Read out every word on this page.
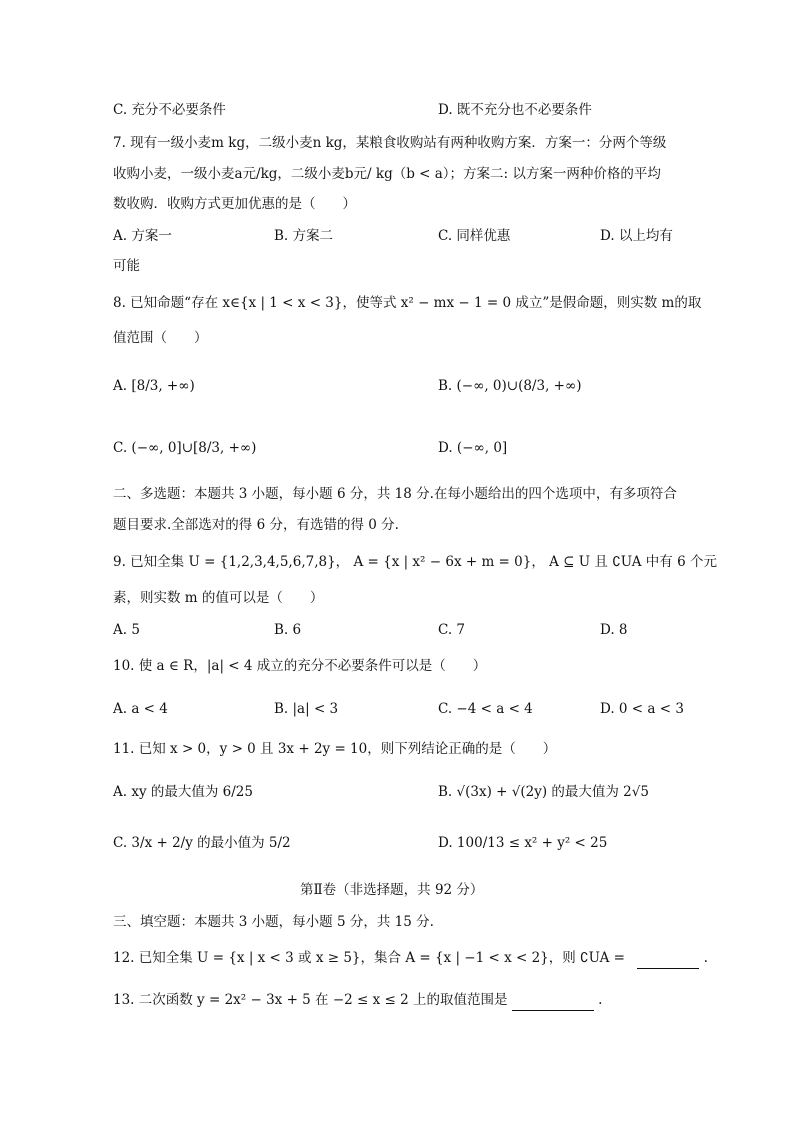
C. 充分不必要条件	D. 既不充分也不必要条件
7. 现有一级小麦m kg，二级小麦n kg，某粮食收购站有两种收购方案．方案一：分两个等级
收购小麦，一级小麦a元/kg，二级小麦b元/ kg（b < a）；方案二: 以方案一两种价格的平均
数收购．收购方式更加优惠的是（　　）
A. 方案一	B. 方案二	C. 同样优惠	D. 以上均有
可能
8. 已知命题“存在 x∈{x | 1 < x < 3}，使等式 x² − mx − 1 = 0 成立”是假命题，则实数 m的取
值范围（　　）
A. [8/3, +∞)	B. (−∞, 0)∪(8/3, +∞)
C. (−∞, 0]∪[8/3, +∞)	D. (−∞, 0]
二、多选题：本题共 3 小题，每小题 6 分，共 18 分.在每小题给出的四个选项中，有多项符合
题目要求.全部选对的得 6 分，有选错的得 0 分.
9. 已知全集 U = {1,2,3,4,5,6,7,8}， A = {x | x² − 6x + m = 0}， A ⊆ U 且 ∁UA 中有 6 个元
素，则实数 m 的值可以是（　　）
A. 5	B. 6	C. 7	D. 8
10. 使 a ∈ R，|a| < 4 成立的充分不必要条件可以是（　　）
A. a < 4	B. |a| < 3	C. −4 < a < 4	D. 0 < a < 3
11. 已知 x > 0，y > 0 且 3x + 2y = 10，则下列结论正确的是（　　）
A. xy 的最大值为 6/25	B. √(3x) + √(2y) 的最大值为 2√5
C. 3/x + 2/y 的最小值为 5/2	D. 100/13 ≤ x² + y² < 25
第Ⅱ卷（非选择题，共 92 分）
三、填空题：本题共 3 小题，每小题 5 分，共 15 分.
12. 已知全集 U = {x | x < 3 或 x ≥ 5}，集合 A = {x | −1 < x < 2}，则 ∁UA =	.
13. 二次函数 y = 2x² − 3x + 5 在 −2 ≤ x ≤ 2 上的取值范围是	.
